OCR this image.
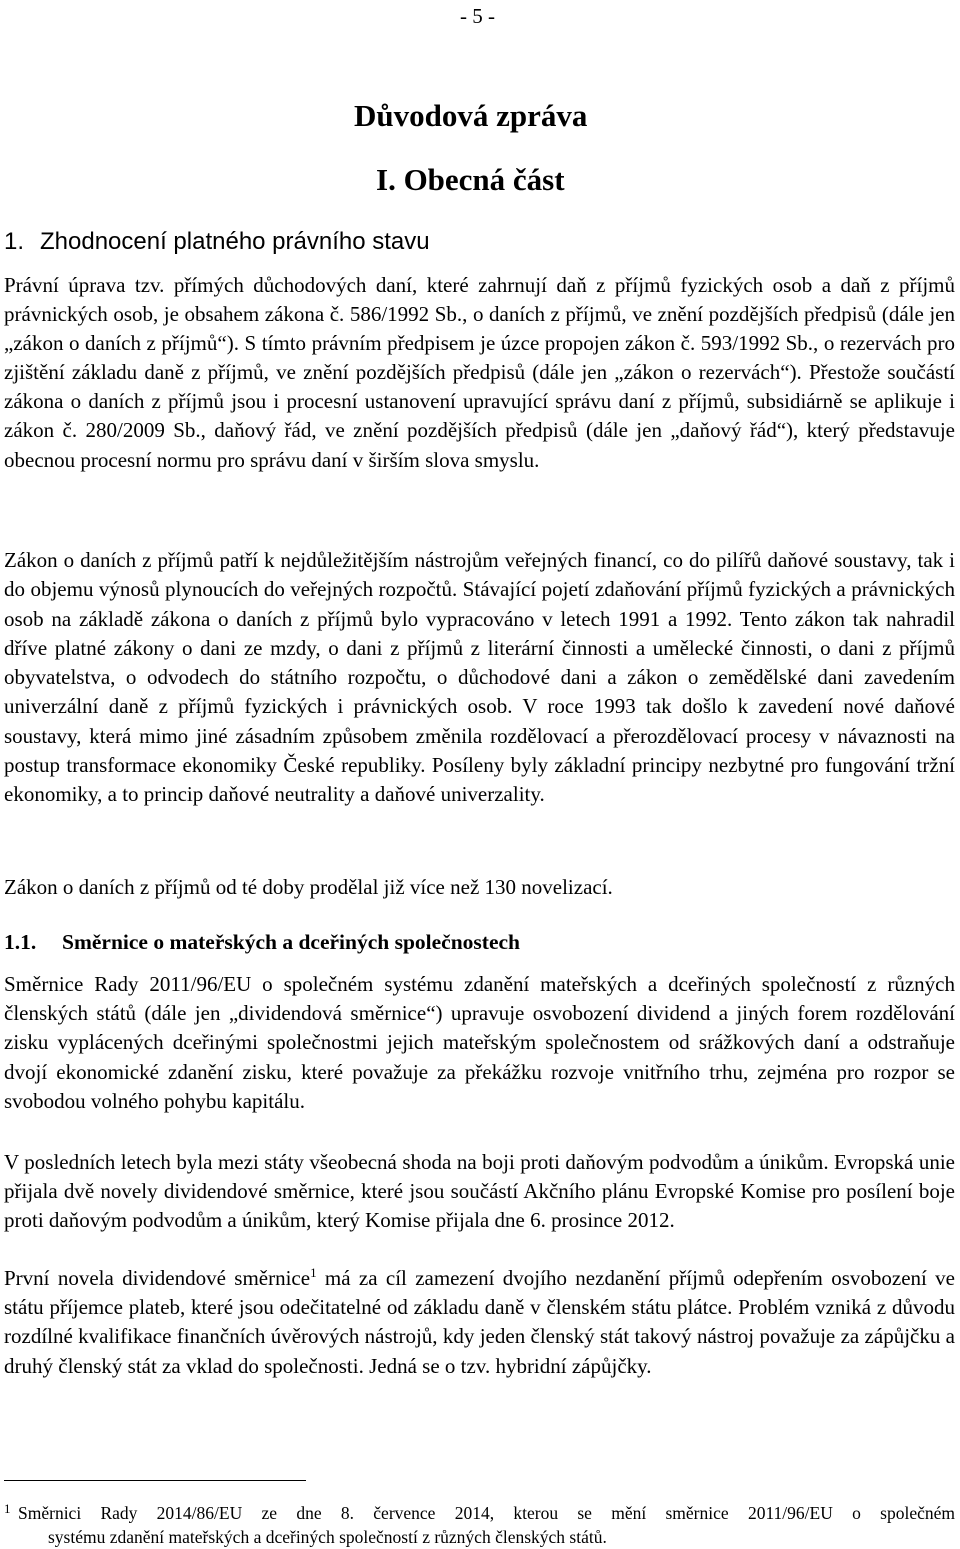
- 5 -
Důvodová zpráva
I. Obecná část
1. Zhodnocení platného právního stavu

Právní úprava tzv. přímých důchodových daní, které zahrnují daň z příjmů fyzických osob a daň z příjmů právnických osob, je obsahem zákona č. 586/1992 Sb., o daních z příjmů, ve znění pozdějších předpisů (dále jen „zákon o daních z příjmů“). S tímto právním předpisem je úzce propojen zákon č. 593/1992 Sb., o rezervách pro zjištění základu daně z příjmů, ve znění pozdějších předpisů (dále jen „zákon o rezervách“). Přestože součástí zákona o daních z příjmů jsou i procesní ustanovení upravující správu daní z příjmů, subsidiárně se aplikuje i zákon č. 280/2009 Sb., daňový řád, ve znění pozdějších předpisů (dále jen „daňový řád“), který představuje obecnou procesní normu pro správu daní v širším slova smyslu.

Zákon o daních z příjmů patří k nejdůležitějším nástrojům veřejných financí, co do pilířů daňové soustavy, tak i do objemu výnosů plynoucích do veřejných rozpočtů. Stávající pojetí zdaňování příjmů fyzických a právnických osob na základě zákona o daních z příjmů bylo vypracováno v letech 1991 a 1992. Tento zákon tak nahradil dříve platné zákony o dani ze mzdy, o dani z příjmů z literární činnosti a umělecké činnosti, o dani z příjmů obyvatelstva, o odvodech do státního rozpočtu, o důchodové dani a zákon o zemědělské dani zavedením univerzální daně z příjmů fyzických i právnických osob. V roce 1993 tak došlo k zavedení nové daňové soustavy, která mimo jiné zásadním způsobem změnila rozdělovací a přerozdělovací procesy v návaznosti na postup transformace ekonomiky České republiky. Posíleny byly základní principy nezbytné pro fungování tržní ekonomiky, a to princip daňové neutrality a daňové univerzality.

Zákon o daních z příjmů od té doby prodělal již více než 130 novelizací.

1.1. Směrnice o mateřských a dceřiných společnostech

Směrnice Rady 2011/96/EU o společném systému zdanění mateřských a dceřiných společností z různých členských států (dále jen „dividendová směrnice“) upravuje osvobození dividend a jiných forem rozdělování zisku vyplácených dceřinými společnostmi jejich mateřským společnostem od srážkových daní a odstraňuje dvojí ekonomické zdanění zisku, které považuje za překážku rozvoje vnitřního trhu, zejména pro rozpor se svobodou volného pohybu kapitálu.

V posledních letech byla mezi státy všeobecná shoda na boji proti daňovým podvodům a únikům. Evropská unie přijala dvě novely dividendové směrnice, které jsou součástí Akčního plánu Evropské Komise pro posílení boje proti daňovým podvodům a únikům, který Komise přijala dne 6. prosince 2012.

První novela dividendové směrnice$^1$ má za cíl zamezení dvojího nezdanění příjmů odepřením osvobození ve státu příjemce plateb, které jsou odečitatelné od základu daně v členském státu plátce. Problém vzniká z důvodu rozdílné kvalifikace finančních úvěrových nástrojů, kdy jeden členský stát takový nástroj považuje za zápůjčku a druhý členský stát za vklad do společnosti. Jedná se o tzv. hybridní zápůjčky.

1 Směrnici Rady 2014/86/EU ze dne 8. července 2014, kterou se mění směrnice 2011/96/EU o společném
systému zdanění mateřských a dceřiných společností z různých členských států.
